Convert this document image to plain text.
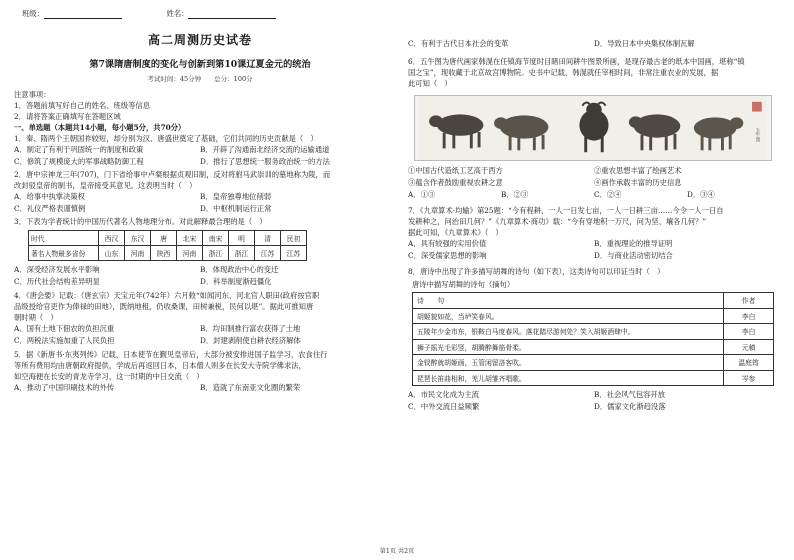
班级：	姓名：
高二周测历史试卷
第7课隋唐制度的变化与创新到第10课辽夏金元的统治
考试时间：45分钟　　总分：100分
注意事项：
1．答题前填写好自己的姓名、班级等信息
2．请将答案正确填写在答题区域
一、单选题（本题共14小题，每小题5分，共70分）
1．秦、隋两个王朝国祚较短，却分别为汉、唐盛世奠定了基础，它们共同的历史贡献是（　）
A．制定了有利于巩固统一的制度和政策	B．开辟了沟通南北经济交流的运输通道
C．修筑了规模庞大的军事战略防御工程	D．推行了思想统一服务政治统一的方法
2．唐中宗神龙三年(707)，门下省给事中卢粲根据贞观旧制，反对将驸马武崇训的墓地称为陵，而
改封驳皇帝的制书，皇帝接受其意见。这表明当时（　）
A．给事中执掌决策权	B．皇帝独尊地位削弱
C．礼仪严格表谨慎例	D．中枢机制运行正常
3．下表为学者统计的中国历代著名人物地理分布。对此解释最合理的是（　）
时代	西汉	东汉	唐	北宋	南宋	明	清	民初
著名人物最多省份	山东	河南	陕西	河南	浙江	浙江	江苏	江苏
A．深受经济发展水平影响	B．体现政治中心的变迁
C．历代社会结构差异明显	D．科举制度渐趋僵化
4．《唐会要》记载：（唐玄宗）天宝元年(742年）六月敕“如闻河东、河北官人职田(政府按官职
品级授给官吏作为俸禄的田地），既纳地租，仍收桑课，田树兼税，民何以堪”。据此可推知唐
朝时期（　）
A．国有土地下佃农的负担沉重	B．均田制推行富农获得了土地
C．两税法实施加重了人民负担	D．封建剥削使自耕农经济解体
5．据《新唐书·东夷列传》记载，日本使节在觐见皇帝后，大部分被安排进国子监学习，农食住行
等所有费用均由唐朝政府提供，学成后再返回日本，日本僧人则多在长安大寺院学佛求法，
如空海便在长安的青龙寺学习，这一时期的中日交流（　）
A．推动了中国印刷技术的外传	B．造就了东南亚文化圈的繁荣
C．有利于古代日本社会的变革	D．导致日本中央集权体制瓦解
6．五牛图为唐代画家韩滉在任镇海节度时目睹田间耕牛图景所画，是现存最古老的纸本中国画，堪称“镇
国之宝”，现收藏于北京故宫博物院。史书中记载，韩滉就任宰相时间，非常注重农业的发展，据
此可知（　）
五牛图
①中国古代造纸工艺高于西方	②重农思想丰富了绘画艺术
③蕴含作者鼓励重视农耕之意	④画作承载丰富的历史信息
A．①③	B．②③	C．②④	D．③④
7．《九章算术·均输》第25题：“今有程耕，一人一日发七亩，一人一日耕三亩……今令一人一日自
发耕种之，问治田几何？”《九章算术·商功》载：“今有穿地积一万尺，问为坚、壤各几何？”
据此可知，《九章算术》（　）
A．具有较强的实用价值	B．重视理论的推导证明
C．深受儒家思想的影响	D．与商业活动密切结合
8．唐诗中出现了许多描写胡舞的诗句（如下表），这类诗句可以印证当时（　）
唐诗中描写胡舞的诗句（摘句）
诗　　句	作者
胡姬貌如花，当垆笑春风。	李白
五陵年少金市东，银鞍白马度春风。落花踏尽游何处？笑入胡姬酒肆中。	李白
狮子摇光毛彩竖，胡腾醉舞筋骨柔。	元稹
金钗醉就胡姬画，玉管闲留洛客吹。	温庭筠
琵琶长笛曲相和，羌儿胡雏齐唱歌。	岑参
A．市民文化成为主流	B．社会风气包容开放
C．中外交流日益频繁	D．儒家文化渐趋没落
第1页 共2页
